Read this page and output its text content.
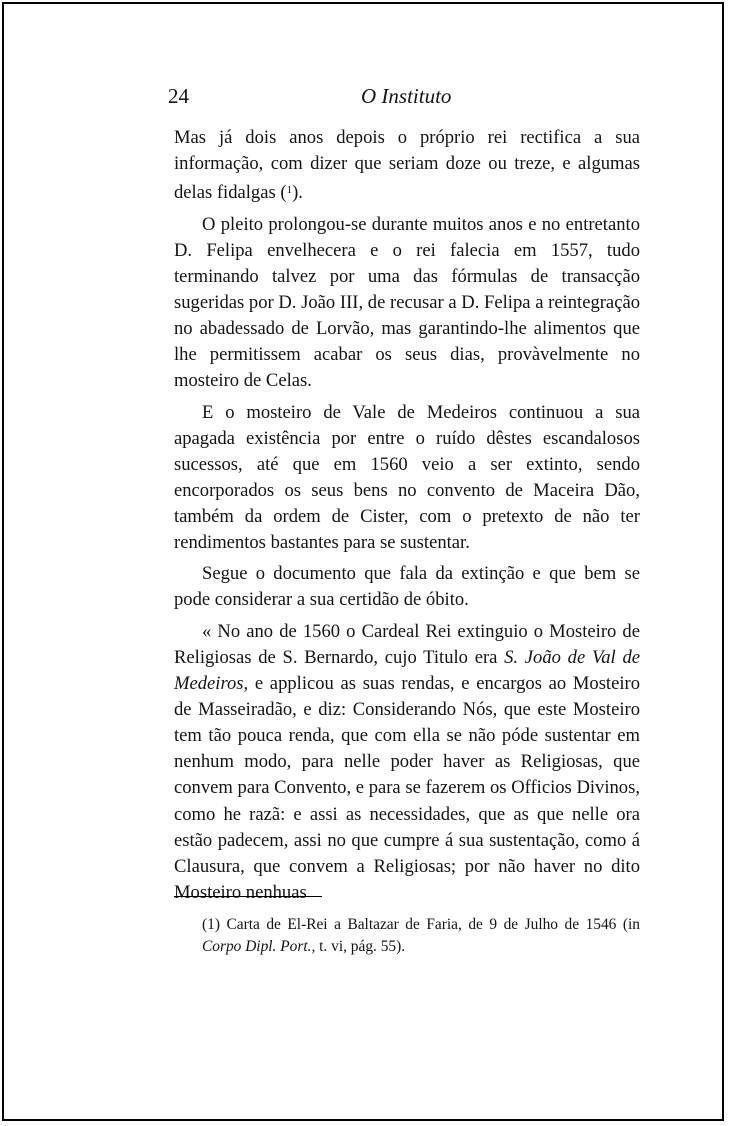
24	O Instituto

Mas já dois anos depois o próprio rei rectifica a sua informação, com dizer que seriam doze ou treze, e algumas delas fidalgas ($^1$).

O pleito prolongou-se durante muitos anos e no entretanto D. Felipa envelhecera e o rei falecia em 1557, tudo terminando talvez por uma das fórmulas de transacção sugeridas por D. João III, de recusar a D. Felipa a reintegração no abadessado de Lorvão, mas garantindo-lhe alimentos que lhe permitissem acabar os seus dias, provàvelmente no mosteiro de Celas.

E o mosteiro de Vale de Medeiros continuou a sua apagada existência por entre o ruído dêstes escandalosos sucessos, até que em 1560 veio a ser extinto, sendo encorporados os seus bens no convento de Maceira Dão, também da ordem de Cister, com o pretexto de não ter rendimentos bastantes para se sustentar.

Segue o documento que fala da extinção e que bem se pode considerar a sua certidão de óbito.

« No ano de 1560 o Cardeal Rei extinguio o Mosteiro de Religiosas de S. Bernardo, cujo Titulo era S. João de Val de Medeiros, e applicou as suas rendas, e encargos ao Mosteiro de Masseiradão, e diz: Considerando Nós, que este Mosteiro tem tão pouca renda, que com ella se não póde sustentar em nenhum modo, para nelle poder haver as Religiosas, que convem para Convento, e para se fazerem os Officios Divinos, como he razã: e assi as necessidades, que as que nelle ora estão padecem, assi no que cumpre á sua sustentação, como á Clausura, que convem a Religiosas; por não haver no dito Mosteiro nenhuas

(1) Carta de El-Rei a Baltazar de Faria, de 9 de Julho de 1546 (in Corpo Dipl. Port., t. vi, pág. 55).
